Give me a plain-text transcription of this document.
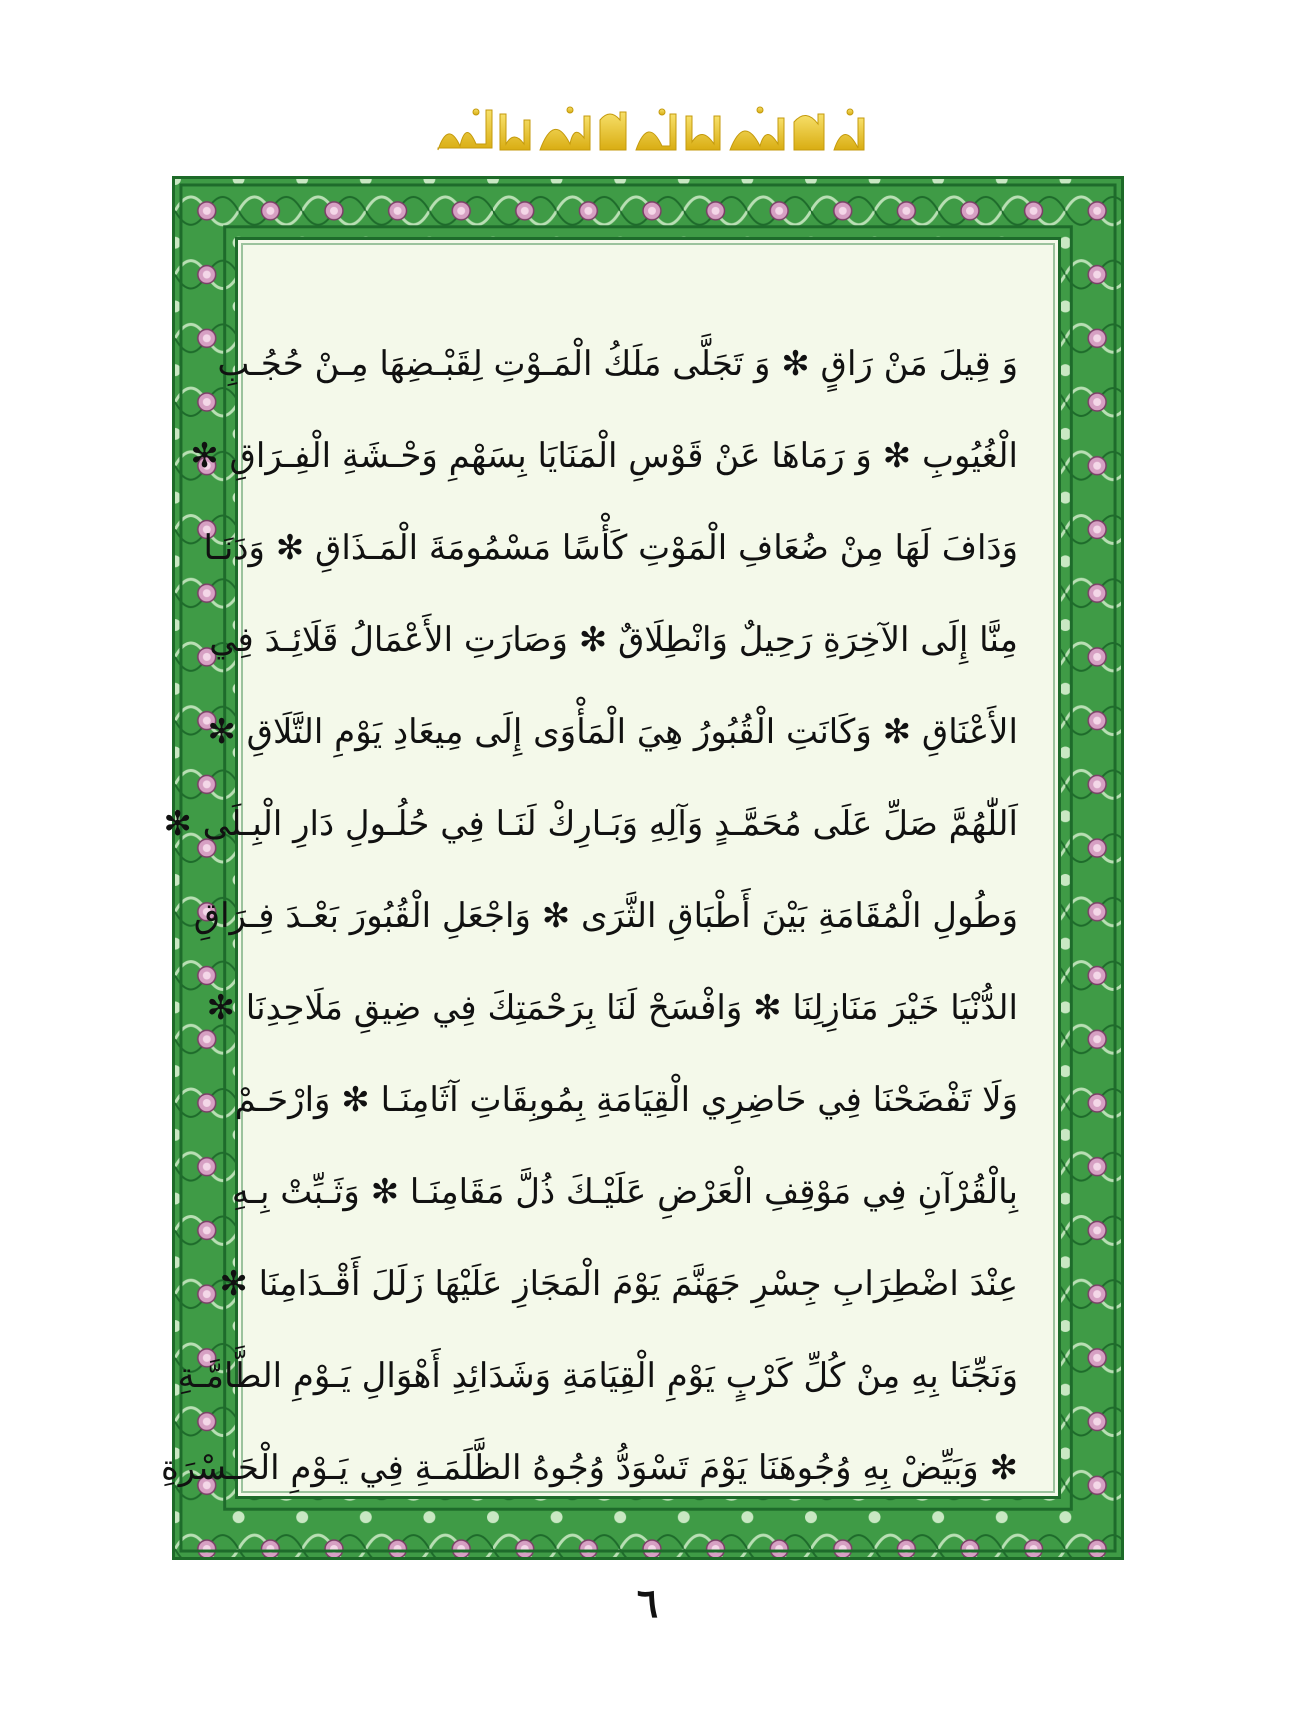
وَ قِيلَ مَنْ رَاقٍ ✻ وَ تَجَلَّى مَلَكُ الْمَـوْتِ لِقَبْـضِهَا مِـنْ حُجُـبِ
الْغُيُوبِ ✻ وَ رَمَاهَا عَنْ قَوْسِ الْمَنَايَا بِسَهْمِ وَحْـشَةِ الْفِـرَاقِ ✻
وَدَافَ لَهَا مِنْ ضُعَافِ الْمَوْتِ كَأْسًا مَسْمُومَةَ الْمَـذَاقِ ✻ وَدَنَـا
مِنَّا إِلَى الآخِرَةِ رَحِيلٌ وَانْطِلَاقٌ ✻ وَصَارَتِ الأَعْمَالُ قَلَائِـدَ فِي
الأَعْنَاقِ ✻ وَكَانَتِ الْقُبُورُ هِيَ الْمَأْوَى إِلَى مِيعَادِ يَوْمِ التَّلَاقِ ✻
اَللّٰهُمَّ صَلِّ عَلَى مُحَمَّـدٍ وَآلِهِ وَبَـارِكْ لَنَـا فِي حُلُـولِ دَارِ الْبِـلَى ✻
وَطُولِ الْمُقَامَةِ بَيْنَ أَطْبَاقِ الثَّرَى ✻ وَاجْعَلِ الْقُبُورَ بَعْـدَ فِـرَاقِ
الدُّنْيَا خَيْرَ مَنَازِلِنَا ✻ وَافْسَحْ لَنَا بِرَحْمَتِكَ فِي ضِيقِ مَلَاحِدِنَا ✻
وَلَا تَفْضَحْنَا فِي حَاضِرِي الْقِيَامَةِ بِمُوبِقَاتِ آثَامِنَـا ✻ وَارْحَـمْ
بِالْقُرْآنِ فِي مَوْقِفِ الْعَرْضِ عَلَيْـكَ ذُلَّ مَقَامِنَـا ✻ وَثَـبِّتْ بِـهِ
عِنْدَ اضْطِرَابِ جِسْرِ جَهَنَّمَ يَوْمَ الْمَجَازِ عَلَيْهَا زَلَلَ أَقْـدَامِنَا ✻
وَنَجِّنَا بِهِ مِنْ كُلِّ كَرْبٍ يَوْمِ الْقِيَامَةِ وَشَدَائِدِ أَهْوَالِ يَـوْمِ الطَّامَّـةِ
✻ وَبَيِّضْ بِهِ وُجُوهَنَا يَوْمَ تَسْوَدُّ وُجُوهُ الظَّلَمَـةِ فِي يَـوْمِ الْحَـسْرَةِ
٦
